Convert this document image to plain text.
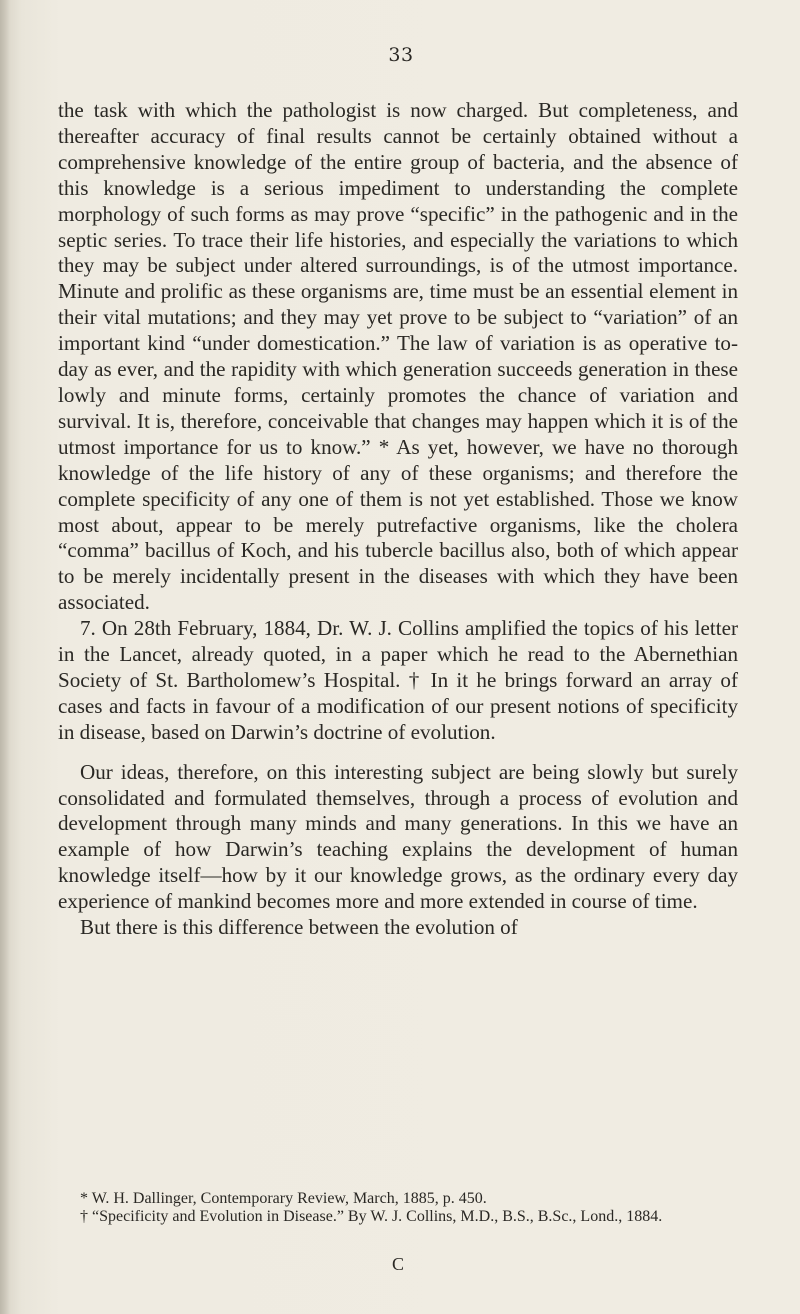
33

the task with which the pathologist is now charged. But completeness, and thereafter accuracy of final results cannot be certainly obtained without a comprehensive knowledge of the entire group of bacteria, and the absence of this knowledge is a serious impediment to understanding the complete morphology of such forms as may prove “specific” in the pathogenic and in the septic series. To trace their life histories, and especially the variations to which they may be subject under altered surroundings, is of the utmost importance. Minute and prolific as these organisms are, time must be an essential element in their vital mutations; and they may yet prove to be subject to “variation” of an important kind “under domestication.” The law of variation is as operative to-day as ever, and the rapidity with which generation succeeds generation in these lowly and minute forms, certainly promotes the chance of variation and survival. It is, therefore, conceivable that changes may happen which it is of the utmost importance for us to know.” * As yet, however, we have no thorough knowledge of the life history of any of these organisms; and therefore the complete specificity of any one of them is not yet established. Those we know most about, appear to be merely putrefactive organisms, like the cholera “comma” bacillus of Koch, and his tubercle bacillus also, both of which appear to be merely incidentally present in the diseases with which they have been associated.

7. On 28th February, 1884, Dr. W. J. Collins amplified the topics of his letter in the Lancet, already quoted, in a paper which he read to the Abernethian Society of St. Bartholomew’s Hospital. † In it he brings forward an array of cases and facts in favour of a modification of our present notions of specificity in disease, based on Darwin’s doctrine of evolution.

Our ideas, therefore, on this interesting subject are being slowly but surely consolidated and formulated themselves, through a process of evolution and development through many minds and many generations. In this we have an example of how Darwin’s teaching explains the development of human knowledge itself—how by it our knowledge grows, as the ordinary every day experience of mankind becomes more and more extended in course of time.

But there is this difference between the evolution of

* W. H. Dallinger, Contemporary Review, March, 1885, p. 450.

† “Specificity and Evolution in Disease.” By W. J. Collins, M.D., B.S., B.Sc., Lond., 1884.

C
